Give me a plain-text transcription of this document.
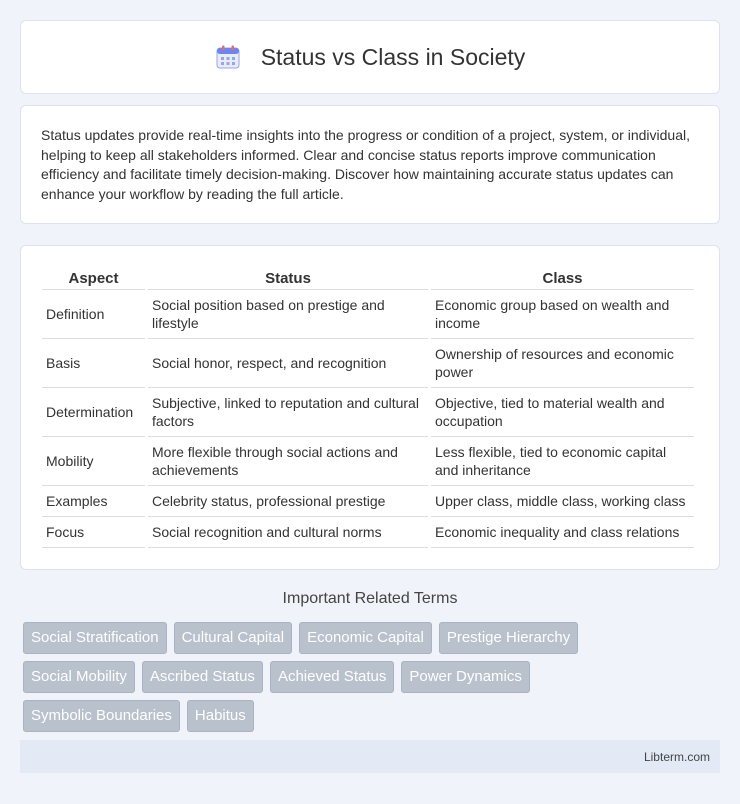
Status vs Class in Society

Status updates provide real-time insights into the progress or condition of a project, system, or individual, helping to keep all stakeholders informed. Clear and concise status reports improve communication efficiency and facilitate timely decision-making. Discover how maintaining accurate status updates can enhance your workflow by reading the full article.

Aspect	Status	Class
Definition	Social position based on prestige and lifestyle	Economic group based on wealth and income
Basis	Social honor, respect, and recognition	Ownership of resources and economic power
Determination	Subjective, linked to reputation and cultural factors	Objective, tied to material wealth and occupation
Mobility	More flexible through social actions and achievements	Less flexible, tied to economic capital and inheritance
Examples	Celebrity status, professional prestige	Upper class, middle class, working class
Focus	Social recognition and cultural norms	Economic inequality and class relations
Important Related Terms
Social Stratification	Cultural Capital	Economic Capital	Prestige Hierarchy
Social Mobility	Ascribed Status	Achieved Status	Power Dynamics
Symbolic Boundaries	Habitus
Libterm.com
